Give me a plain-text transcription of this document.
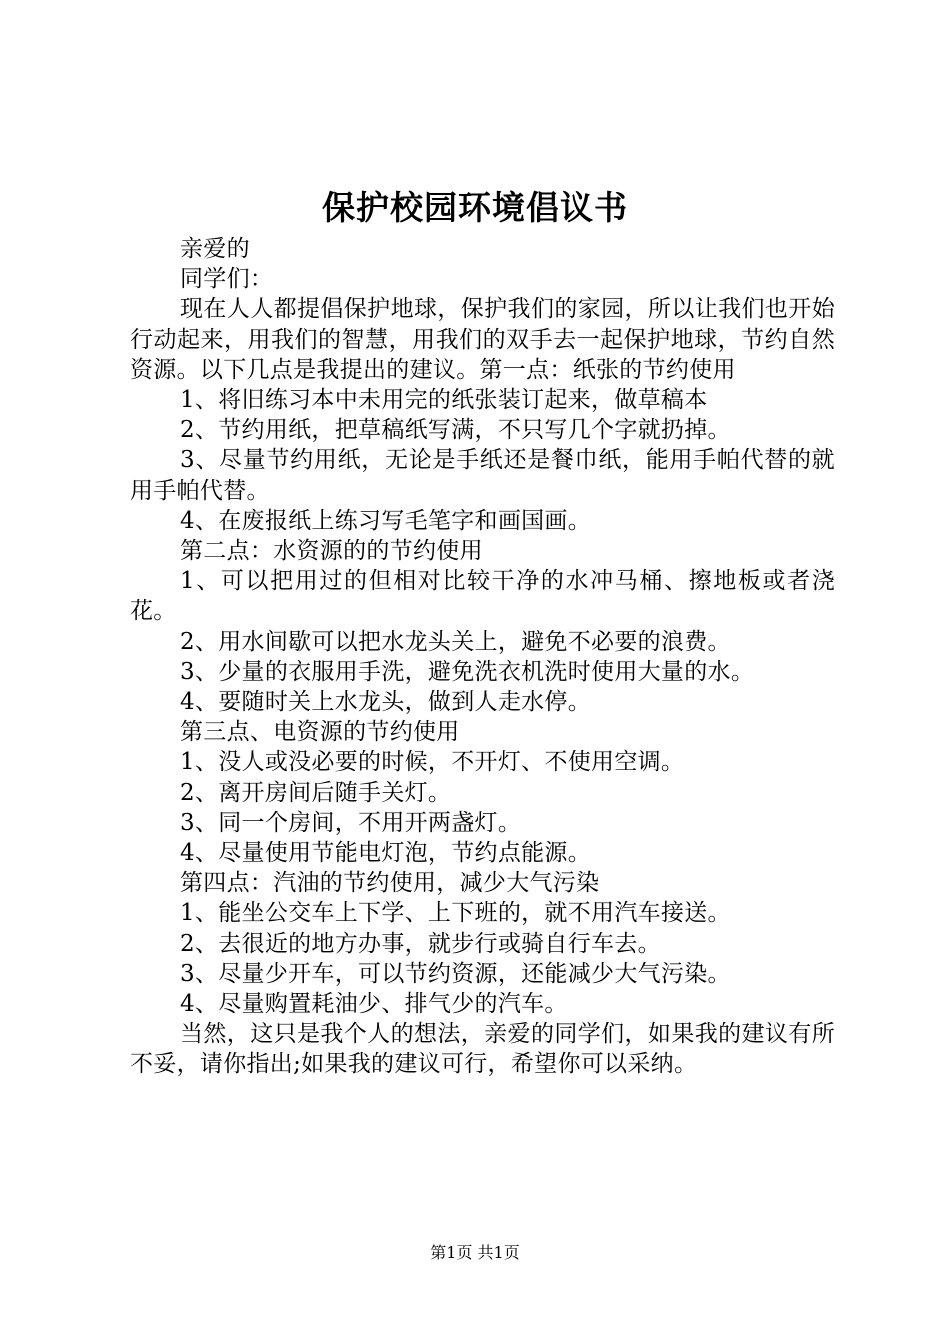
保护校园环境倡议书

亲爱的

同学们：

现在人人都提倡保护地球，保护我们的家园，所以让我们也开始行动起来，用我们的智慧，用我们的双手去一起保护地球，节约自然资源。以下几点是我提出的建议。第一点：纸张的节约使用

1、将旧练习本中未用完的纸张装订起来，做草稿本

2、节约用纸，把草稿纸写满，不只写几个字就扔掉。

3、尽量节约用纸，无论是手纸还是餐巾纸，能用手帕代替的就用手帕代替。

4、在废报纸上练习写毛笔字和画国画。

第二点：水资源的的节约使用

1、可以把用过的但相对比较干净的水冲马桶、擦地板或者浇花。

2、用水间歇可以把水龙头关上，避免不必要的浪费。

3、少量的衣服用手洗，避免洗衣机洗时使用大量的水。

4、要随时关上水龙头，做到人走水停。

第三点、电资源的节约使用

1、没人或没必要的时候，不开灯、不使用空调。

2、离开房间后随手关灯。

3、同一个房间，不用开两盏灯。

4、尽量使用节能电灯泡，节约点能源。

第四点：汽油的节约使用，减少大气污染

1、能坐公交车上下学、上下班的，就不用汽车接送。

2、去很近的地方办事，就步行或骑自行车去。

3、尽量少开车，可以节约资源，还能减少大气污染。

4、尽量购置耗油少、排气少的汽车。

当然，这只是我个人的想法，亲爱的同学们，如果我的建议有所不妥，请你指出;如果我的建议可行，希望你可以采纳。

第1页 共1页
